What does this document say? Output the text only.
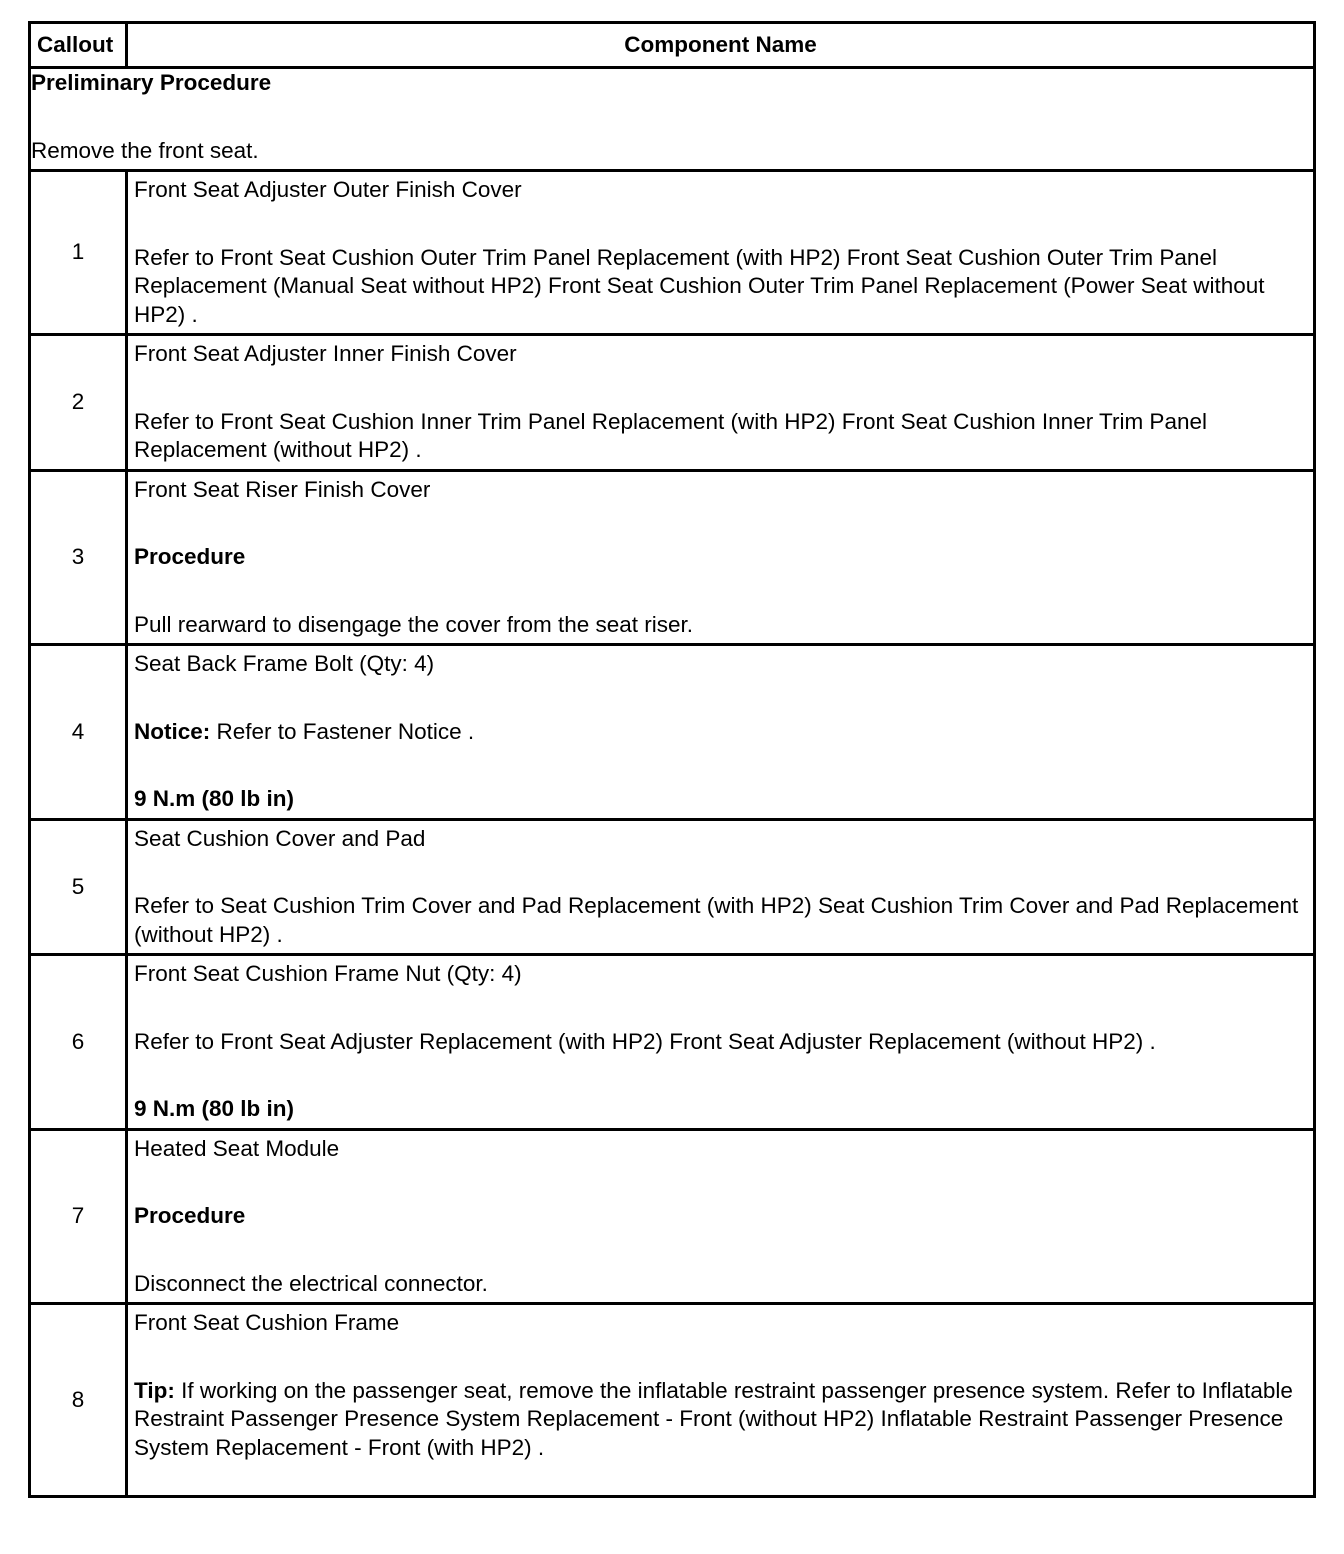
Callout	Component Name

Preliminary Procedure
Remove the front seat.	

1	Front Seat Adjuster Outer Finish Cover
Refer to Front Seat Cushion Outer Trim Panel Replacement (with HP2) Front Seat Cushion Outer Trim Panel Replacement (Manual Seat without HP2) Front Seat Cushion Outer Trim Panel Replacement (Power Seat without HP2) .

2	Front Seat Adjuster Inner Finish Cover
Refer to Front Seat Cushion Inner Trim Panel Replacement (with HP2) Front Seat Cushion Inner Trim Panel Replacement (without HP2) .

3	Front Seat Riser Finish Cover
Procedure
Pull rearward to disengage the cover from the seat riser.

4	Seat Back Frame Bolt (Qty: 4)
Notice: Refer to Fastener Notice .
9 N.m (80 lb in)

5	Seat Cushion Cover and Pad
Refer to Seat Cushion Trim Cover and Pad Replacement (with HP2) Seat Cushion Trim Cover and Pad Replacement (without HP2) .

6	Front Seat Cushion Frame Nut (Qty: 4)
Refer to Front Seat Adjuster Replacement (with HP2) Front Seat Adjuster Replacement (without HP2) .
9 N.m (80 lb in)

7	Heated Seat Module
Procedure
Disconnect the electrical connector.

8	Front Seat Cushion Frame
Tip: If working on the passenger seat, remove the inflatable restraint passenger presence system. Refer to Inflatable Restraint Passenger Presence System Replacement - Front (without HP2) Inflatable Restraint Passenger Presence System Replacement - Front (with HP2) .
